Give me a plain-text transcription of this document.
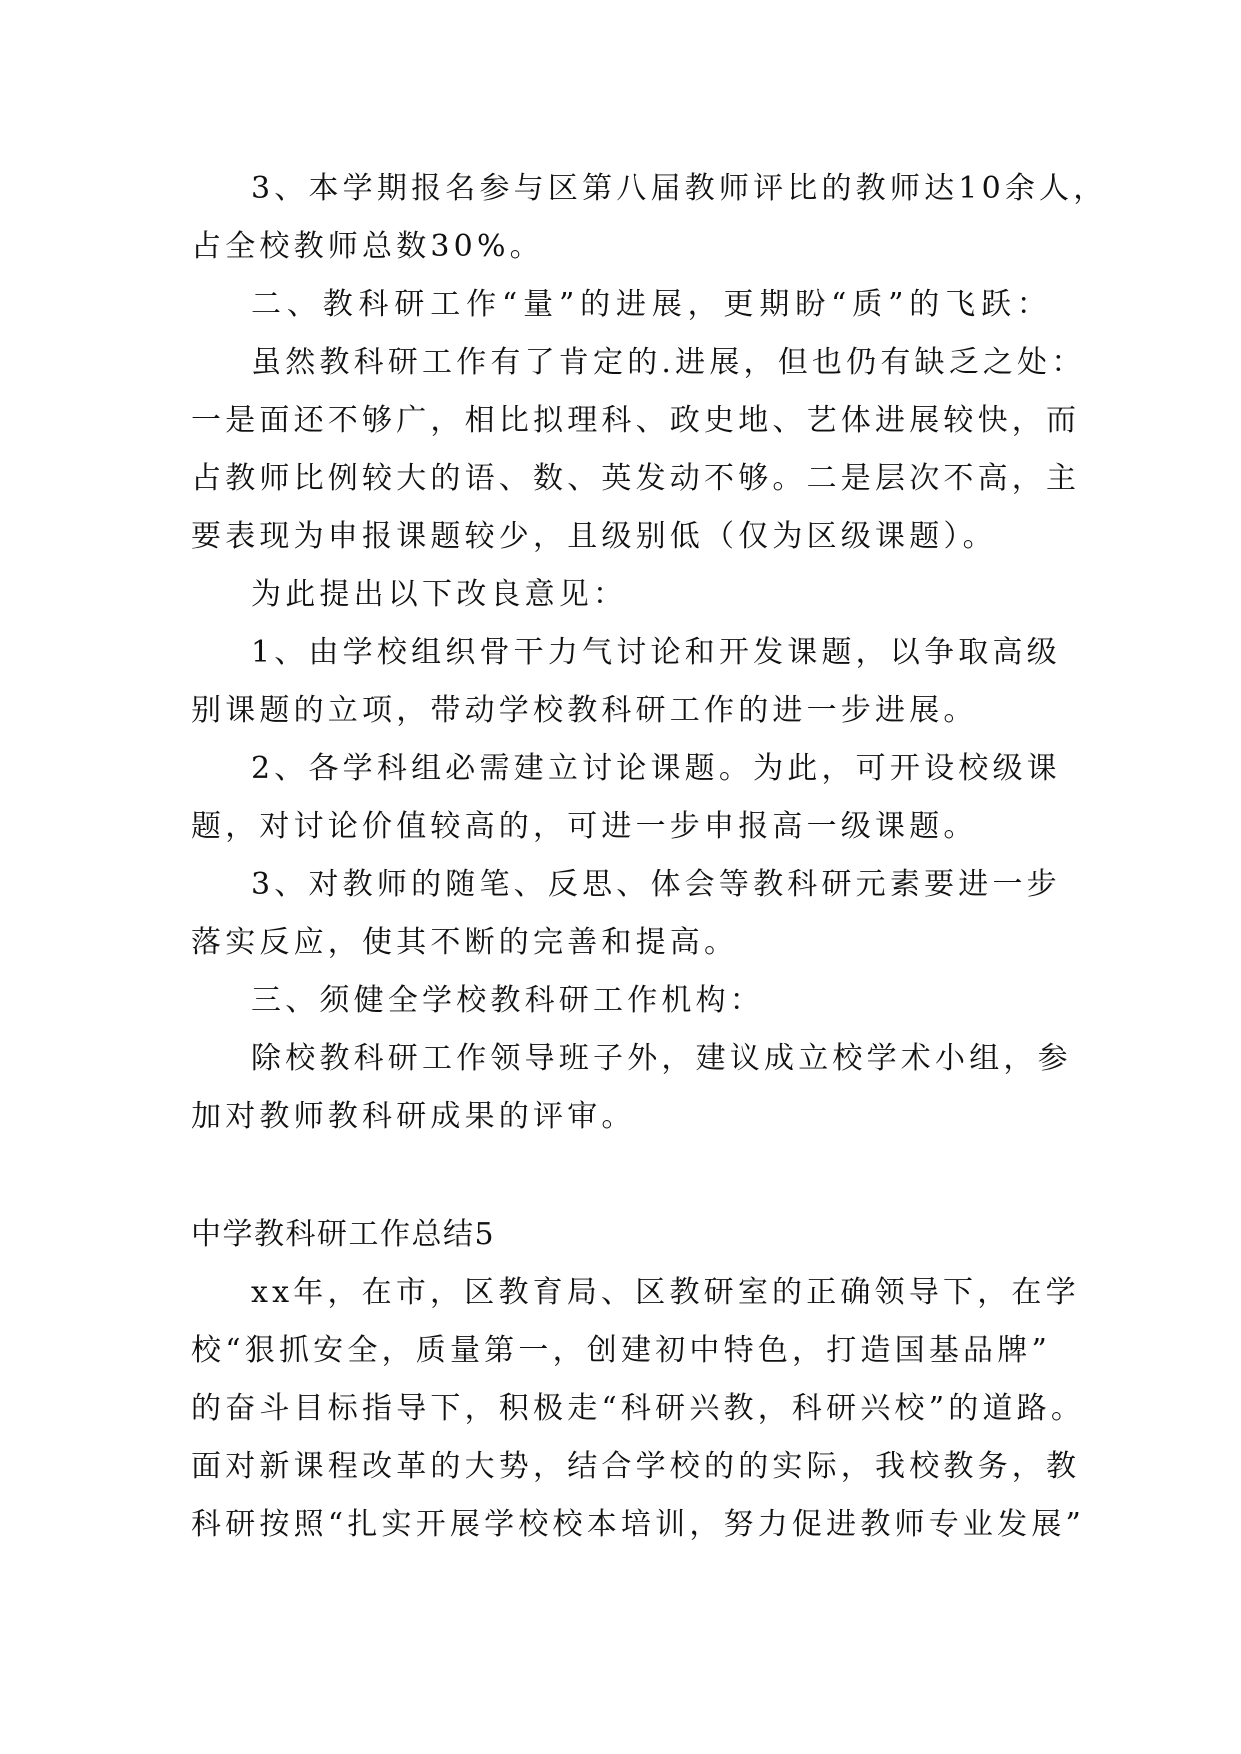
3、本学期报名参与区第八届教师评比的教师达10余人，
占全校教师总数30%。
二、教科研工作“量”的进展，更期盼“质”的飞跃：
虽然教科研工作有了肯定的.进展，但也仍有缺乏之处：
一是面还不够广，相比拟理科、政史地、艺体进展较快，而
占教师比例较大的语、数、英发动不够。二是层次不高，主
要表现为申报课题较少，且级别低（仅为区级课题）。
为此提出以下改良意见：
1、由学校组织骨干力气讨论和开发课题，以争取高级
别课题的立项，带动学校教科研工作的进一步进展。
2、各学科组必需建立讨论课题。为此，可开设校级课
题，对讨论价值较高的，可进一步申报高一级课题。
3、对教师的随笔、反思、体会等教科研元素要进一步
落实反应，使其不断的完善和提高。
三、须健全学校教科研工作机构：
除校教科研工作领导班子外，建议成立校学术小组，参
加对教师教科研成果的评审。
中学教科研工作总结5
xx年，在市，区教育局、区教研室的正确领导下，在学
校“狠抓安全，质量第一，创建初中特色，打造国基品牌”
的奋斗目标指导下，积极走“科研兴教，科研兴校”的道路。
面对新课程改革的大势，结合学校的的实际，我校教务，教
科研按照“扎实开展学校校本培训，努力促进教师专业发展”
